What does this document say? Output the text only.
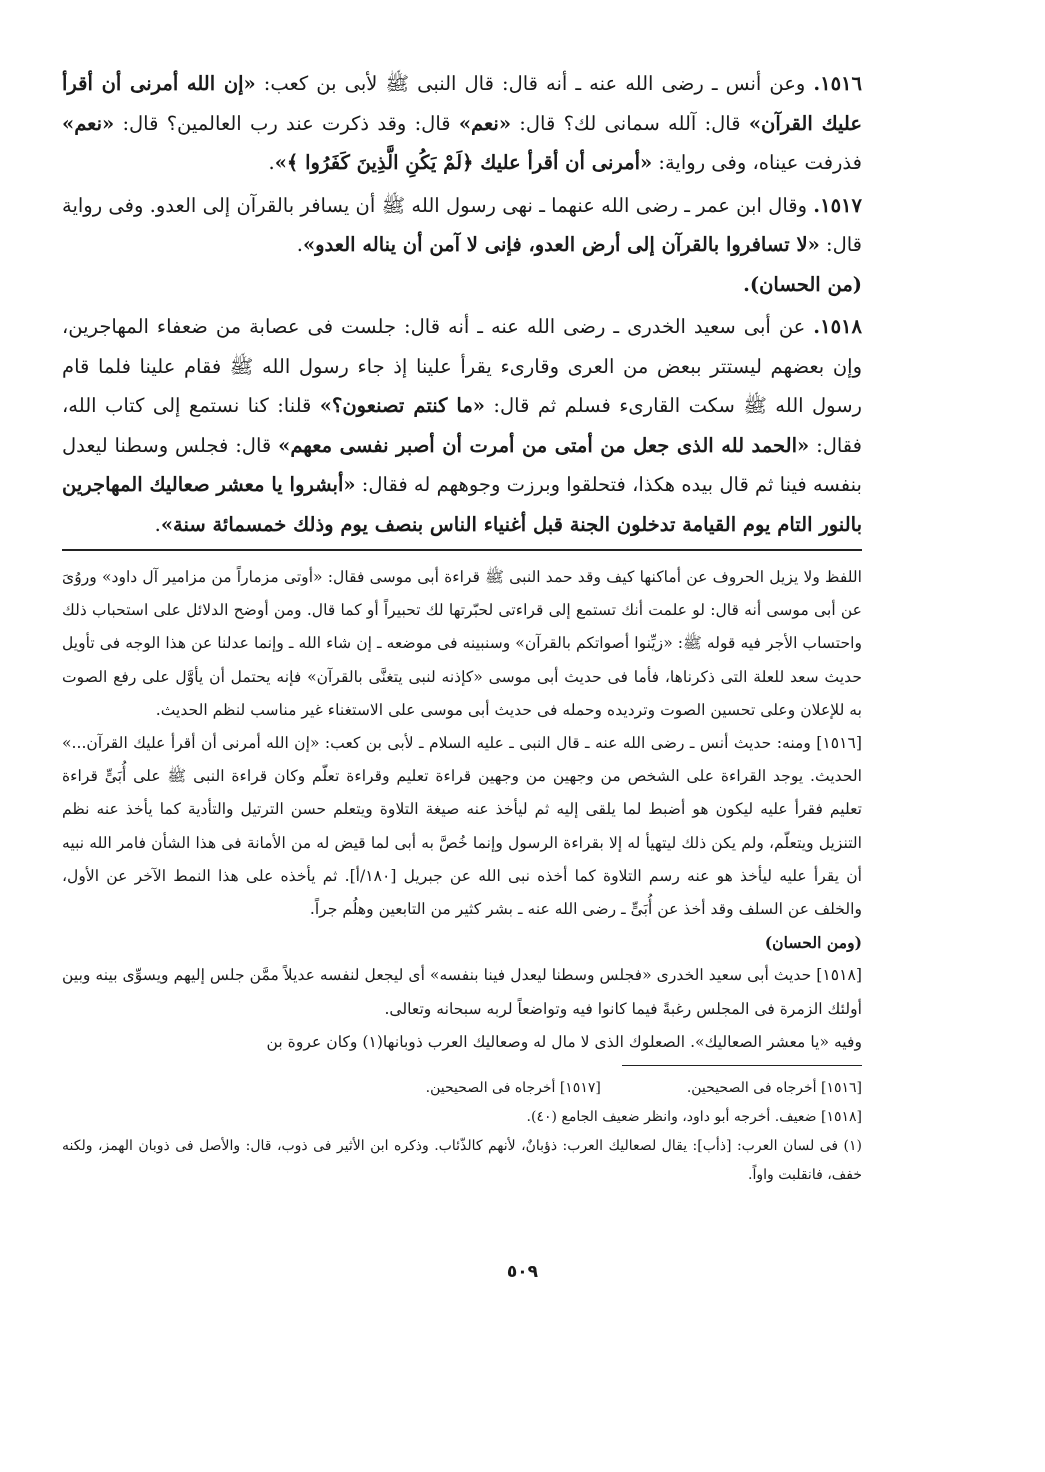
١٥١٦. وعن أنس ـ رضى الله عنه ـ أنه قال: قال النبى ﷺ لأبى بن كعب: «إن الله أمرنى أن أقرأ عليك القرآن» قال: آلله سمانى لك؟ قال: «نعم» قال: وقد ذكرت عند رب العالمين؟ قال: «نعم» فذرفت عيناه، وفى رواية: «أمرنى أن أقرأ عليك ﴿لَمْ يَكُنِ الَّذِينَ كَفَرُوا ﴾».

١٥١٧. وقال ابن عمر ـ رضى الله عنهما ـ نهى رسول الله ﷺ أن يسافر بالقرآن إلى العدو. وفى رواية قال: «لا تسافروا بالقرآن إلى أرض العدو، فإنى لا آمن أن يناله العدو».

(من الحسان).

١٥١٨. عن أبى سعيد الخدرى ـ رضى الله عنه ـ أنه قال: جلست فى عصابة من ضعفاء المهاجرين، وإن بعضهم ليستتر ببعض من العرى وقارىء يقرأ علينا إذ جاء رسول الله ﷺ فقام علينا فلما قام رسول الله ﷺ سكت القارىء فسلم ثم قال: «ما كنتم تصنعون؟» قلنا: كنا نستمع إلى كتاب الله، فقال: «الحمد لله الذى جعل من أمتى من أمرت أن أصبر نفسى معهم» قال: فجلس وسطنا ليعدل بنفسه فينا ثم قال بيده هكذا، فتحلقوا وبرزت وجوههم له فقال: «أبشروا يا معشر صعاليك المهاجرين بالنور التام يوم القيامة تدخلون الجنة قبل أغنياء الناس بنصف يوم وذلك خمسمائة سنة».

اللفظ ولا يزيل الحروف عن أماكنها كيف وقد حمد النبى ﷺ قراءة أبى موسى فقال: «أوتى مزماراً من مزامير آل داود» وروُىَ عن أبى موسى أنه قال: لو علمت أنك تستمع إلى قراءتى لحبّرتها لك تحبيراً أو كما قال. ومن أوضح الدلائل على استحباب ذلك واحتساب الأجر فيه قوله ﷺ: «زيِّنوا أصواتكم بالقرآن» وسنبينه فى موضعه ـ إن شاء الله ـ وإنما عدلنا عن هذا الوجه فى تأويل حديث سعد للعلة التى ذكرناها، فأما فى حديث أبى موسى «كإذنه لنبى يتغنَّى بالقرآن» فإنه يحتمل أن يأوَّل على رفع الصوت به للإعلان وعلى تحسين الصوت وترديده وحمله فى حديث أبى موسى على الاستغناء غير مناسب لنظم الحديث.

[١٥١٦] ومنه: حديث أنس ـ رضى الله عنه ـ قال النبى ـ عليه السلام ـ لأبى بن كعب: «إن الله أمرنى أن أقرأ عليك القرآن...» الحديث. يوجد القراءة على الشخص من وجهين من وجهين قراءة تعليم وقراءة تعلّم وكان قراءة النبى ﷺ على أُبَىٍّ قراءة تعليم فقرأ عليه ليكون هو أضبط لما يلقى إليه ثم ليأخذ عنه صيغة التلاوة ويتعلم حسن الترتيل والتأدية كما يأخذ عنه نظم التنزيل ويتعلّم، ولم يكن ذلك ليتهيأ له إلا بقراءة الرسول وإنما خُصَّ به أبى لما قيض له من الأمانة فى هذا الشأن فامر الله نبيه أن يقرأ عليه ليأخذ هو عنه رسم التلاوة كما أخذه نبى الله عن جبريل [١٨٠/أ]. ثم يأخذه على هذا النمط الآخر عن الأول، والخلف عن السلف وقد أخذ عن أُبَىٍّ ـ رضى الله عنه ـ بشر كثير من التابعين وهلُم جراً.

(ومن الحسان)

[١٥١٨] حديث أبى سعيد الخدرى «فجلس وسطنا ليعدل فينا بنفسه» أى ليجعل لنفسه عديلاً ممَّن جلس إليهم ويسوِّى بينه وبين أولئك الزمرة فى المجلس رغبةً فيما كانوا فيه وتواضعاً لربه سبحانه وتعالى.

وفيه «يا معشر الصعاليك». الصعلوك الذى لا مال له وصعاليك العرب ذوبانها(١) وكان عروة بن

[١٥١٦] أخرجاه فى الصحيحين.

[١٥١٧] أخرجاه فى الصحيحين.

[١٥١٨] ضعيف. أخرجه أبو داود، وانظر ضعيف الجامع (٤٠).

(١) فى لسان العرب: [ذأب]: يقال لصعاليك العرب: ذؤبانٌ، لأنهم كالذّئاب. وذكره ابن الأثير فى ذوب، قال: والأصل فى ذوبان الهمز، ولكنه خفف، فانقلبت واواً.

٥٠٩
